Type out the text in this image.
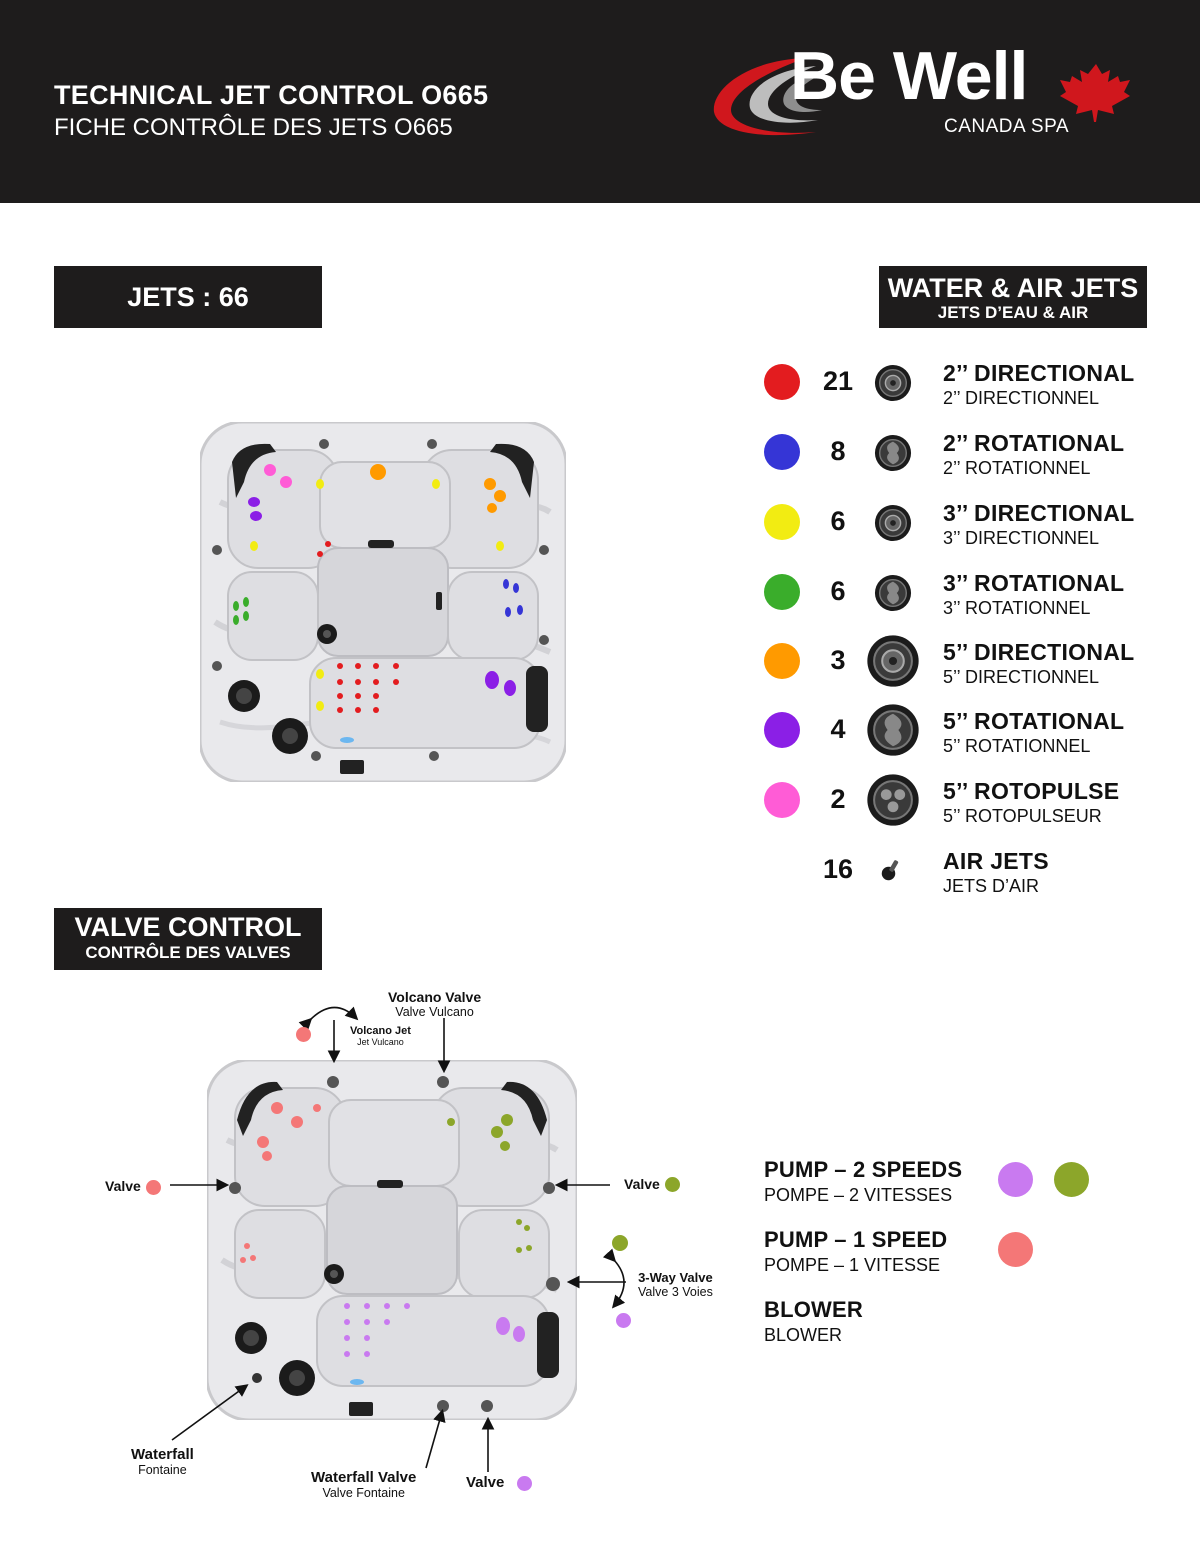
TECHNICAL JET CONTROL O665
FICHE CONTRÔLE DES JETS O665
Be Well
CANADA SPA
JETS : 66	WATER & AIR JETS
JETS D’EAU & AIR
21	2’’ DIRECTIONAL
2’’ DIRECTIONNEL
8	2’’ ROTATIONAL
2’’ ROTATIONNEL
6	3’’ DIRECTIONAL
3’’ DIRECTIONNEL
6	3’’ ROTATIONAL
3’’ ROTATIONNEL
3	5’’ DIRECTIONAL
5’’ DIRECTIONNEL
4	5’’ ROTATIONAL
5’’ ROTATIONNEL
2	5’’ ROTOPULSE
5’’ ROTOPULSEUR
16	AIR JETS
JETS D’AIR
VALVE CONTROL
CONTRÔLE DES VALVES
Volcano Valve
Valve Vulcano
Volcano Jet
Jet Vulcano
Valve	Valve
3-Way Valve
Valve 3 Voies
Waterfall
Fontaine	Waterfall Valve
Valve Fontaine
Valve
PUMP – 2 SPEEDS
POMPE – 2 VITESSES
PUMP – 1 SPEED
POMPE – 1 VITESSE
BLOWER
BLOWER
